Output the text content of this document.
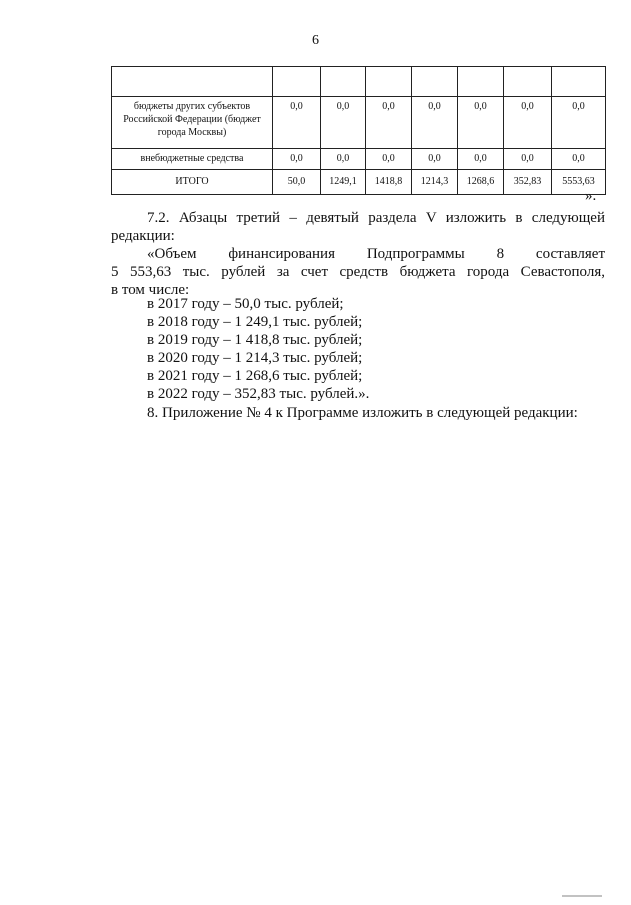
6

бюджеты других субъектов Российской Федерации (бюджет города Москвы)	0,0	0,0	0,0	0,0	0,0	0,0	0,0
внебюджетные средства	0,0	0,0	0,0	0,0	0,0	0,0	0,0
ИТОГО	50,0	1249,1	1418,8	1214,3	1268,6	352,83	5553,63
».
7.2. Абзацы третий – девятый раздела V изложить в следующей
редакции:
«Объем финансирования Подпрограммы 8 составляет
5 553,63 тыс. рублей за счет средств бюджета города Севастополя,
в том числе:
в 2017 году – 50,0 тыс. рублей;
в 2018 году – 1 249,1 тыс. рублей;
в 2019 году – 1 418,8 тыс. рублей;
в 2020 году – 1 214,3 тыс. рублей;
в 2021 году – 1 268,6 тыс. рублей;
в 2022 году – 352,83 тыс. рублей.».
8. Приложение № 4 к Программе изложить в следующей редакции:
